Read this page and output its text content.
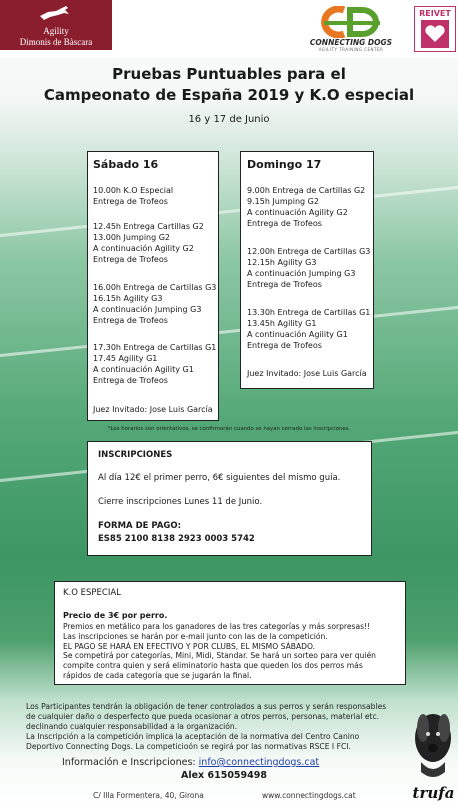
Agility
Dimonis de Bàscara	CONNECTING DOGS
AGILITY TRAINING CENTER
REIVET
Pruebas Puntuables para el
Campeonato de España 2019 y K.O especial
16 y 17 de Junio
Sábado 16
10.00h K.O Especial
Entrega de Trofeos
12.45h Entrega Cartillas G2
13.00h Jumping G2
A continuación Agility G2
Entrega de Trofeos
16.00h Entrega de Cartillas G3
16.15h Agility G3
A continuación Jumping G3
Entrega de Trofeos
17.30h Entrega de Cartillas G1
17.45 Agility G1
A continuación Agility G1
Entrega de Trofeos
Juez Invitado: Jose Luis García
Domingo 17
9.00h Entrega de Cartillas G2
9.15h Jumping G2
A continuación Agility G2
Entrega de Trofeos
12.00h Entrega de Cartillas G3
12.15h Agility G3
A continuación Jumping G3
Entrega de Trofeos
13.30h Entrega de Cartillas G1
13.45h Agility G1
A continuación Agility G1
Entrega de Trofeos
Juez Invitado: Jose Luis García
*Los horarios son orientativos, se confirmarán cuando se hayan cerrado las inscripciones.
INSCRIPCIONES
Al día 12€ el primer perro, 6€ siguientes del mismo guía.
Cierre inscripciones Lunes 11 de Junio.
FORMA DE PAGO:
ES85 2100 8138 2923 0003 5742
K.O ESPECIAL
Precio de 3€ por perro.
Premios en metálico para los ganadores de las tres categorías y más sorpresas!!
Las inscripciones se harán por e-mail junto con las de la competición.
EL PAGO SE HARÁ EN EFECTIVO Y POR CLUBS, EL MISMO SÁBADO.
Se competirá por categorías, Mini, Midi, Standar. Se hará un sorteo para ver quién
compite contra quien y será eliminatorio hasta que queden los dos perros más
rápidos de cada categoría que se jugarán la final.
Los Participantes tendrán la obligación de tener controlados a sus perros y serán responsables
de cualquier daño o desperfecto que pueda ocasionar a otros perros, personas, material etc.
declinando cualquier responsabilidad a la organización.
La Inscripción a la competición implica la aceptación de la normativa del Centro Canino
Deportivo Connecting Dogs. La competicioón se regirá por las normativas RSCE I FCI.
Información e Inscripciones: info@connectingdogs.cat
Alex 615059498
C/ Illa Formentera, 40, Girona	www.connectingdogs.cat	trufa
